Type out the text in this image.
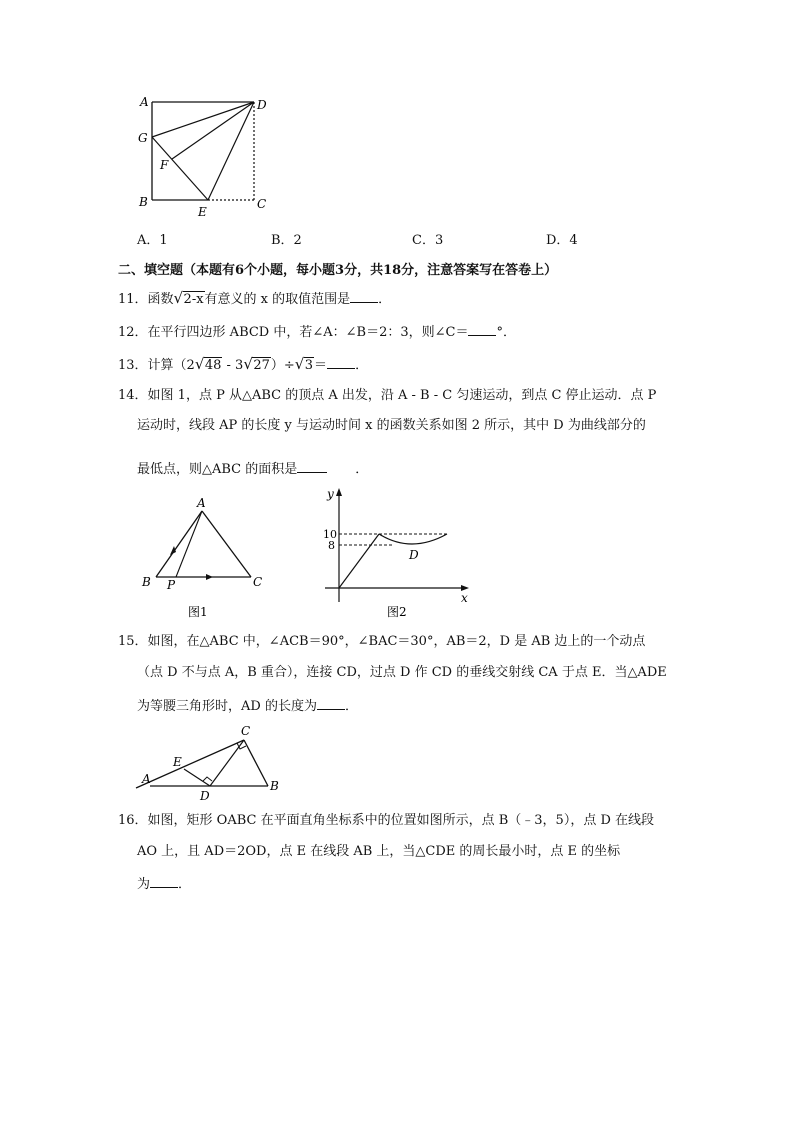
A	D
G
F
B
E
C
A．1	B．2	C．3	D．4
二、填空题（本题有6个小题，每小题3分，共18分，注意答案写在答卷上）
11．函数 √ 2-x有意义的 x 的取值范围是 ．
12．在平行四边形 ABCD 中，若∠A：∠B＝2：3，则∠C＝ °．
13．计算（2 √ 48 - 3 √ 27）÷ √ 3＝ ．
14．如图 1，点 P 从△ABC 的顶点 A 出发，沿 A - B - C 匀速运动，到点 C 停止运动．点 P
运动时，线段 AP 的长度 y 与运动时间 x 的函数关系如图 2 所示，其中 D 为曲线部分的
最低点，则△ABC 的面积是	．
A
B P	C
图1
y
x
10
8
D
图2
15．如图，在△ABC 中，∠ACB＝90°，∠BAC＝30°，AB＝2，D 是 AB 边上的一个动点
（点 D 不与点 A，B 重合），连接 CD，过点 D 作 CD 的垂线交射线 CA 于点 E．当△ADE
为等腰三角形时，AD 的长度为 ．
C
E
A
D
B
16．如图，矩形 OABC 在平面直角坐标系中的位置如图所示，点 B（﹣3，5），点 D 在线段
AO 上，且 AD＝2OD，点 E 在线段 AB 上，当△CDE 的周长最小时，点 E 的坐标
为 ．
